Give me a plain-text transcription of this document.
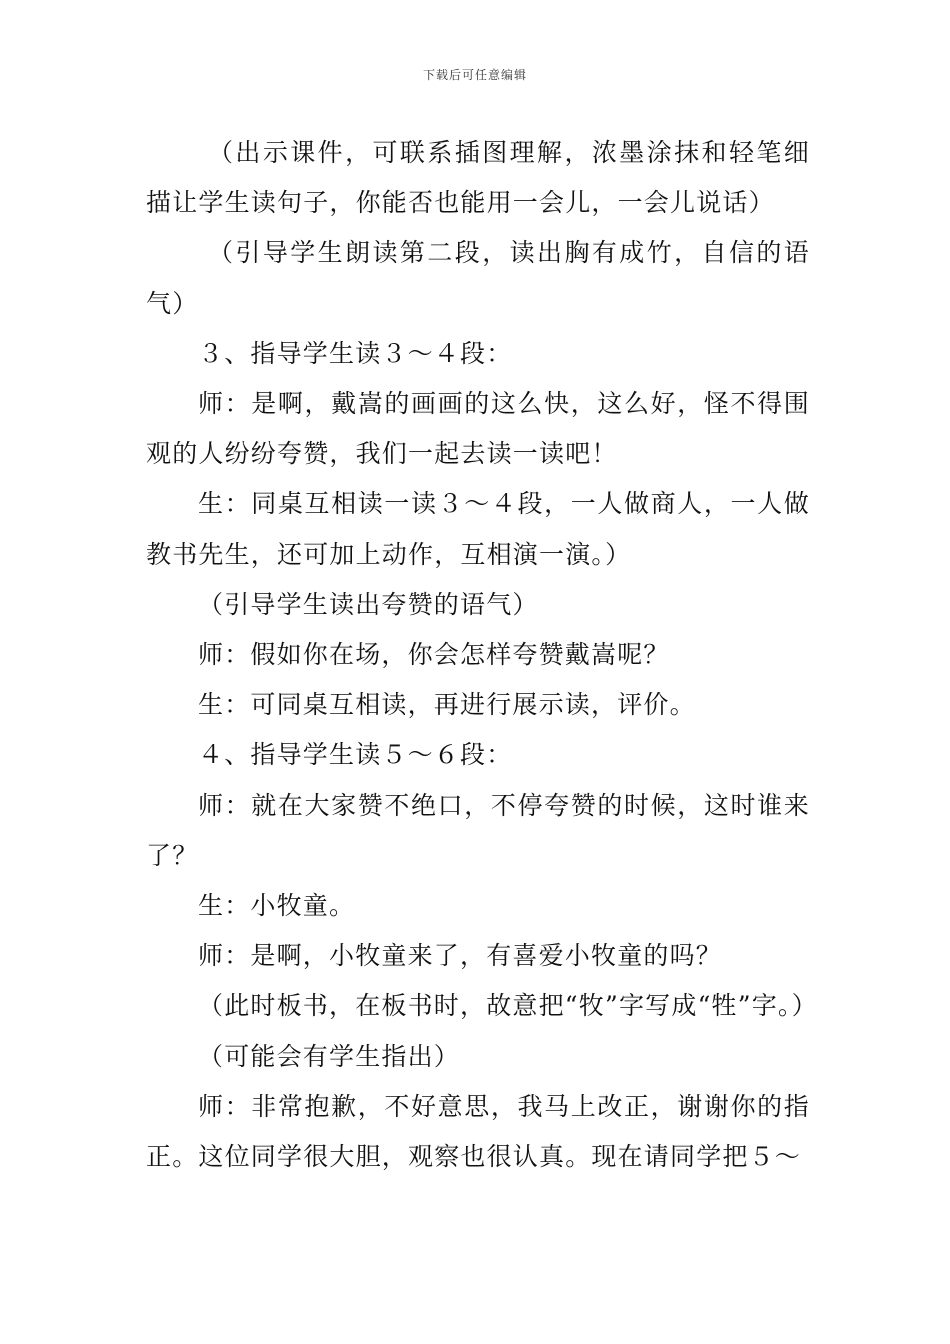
下载后可任意编辑

（出示课件，可联系插图理解，浓墨涂抹和轻笔细描让学生读句子，你能否也能用一会儿，一会儿说话）

（引导学生朗读第二段，读出胸有成竹，自信的语气）

３、指导学生读３～４段：

师：是啊，戴嵩的画画的这么快，这么好，怪不得围观的人纷纷夸赞，我们一起去读一读吧！

生：同桌互相读一读３～４段，一人做商人，一人做教书先生，还可加上动作，互相演一演。）

（引导学生读出夸赞的语气）

师：假如你在场，你会怎样夸赞戴嵩呢？

生：可同桌互相读，再进行展示读，评价。

４、指导学生读５～６段：

师：就在大家赞不绝口，不停夸赞的时候，这时谁来了？

生：小牧童。

师：是啊，小牧童来了，有喜爱小牧童的吗？

（此时板书，在板书时，故意把“牧”字写成“牲”字。）

（可能会有学生指出）

师：非常抱歉，不好意思，我马上改正，谢谢你的指正。这位同学很大胆，观察也很认真。现在请同学把５～
